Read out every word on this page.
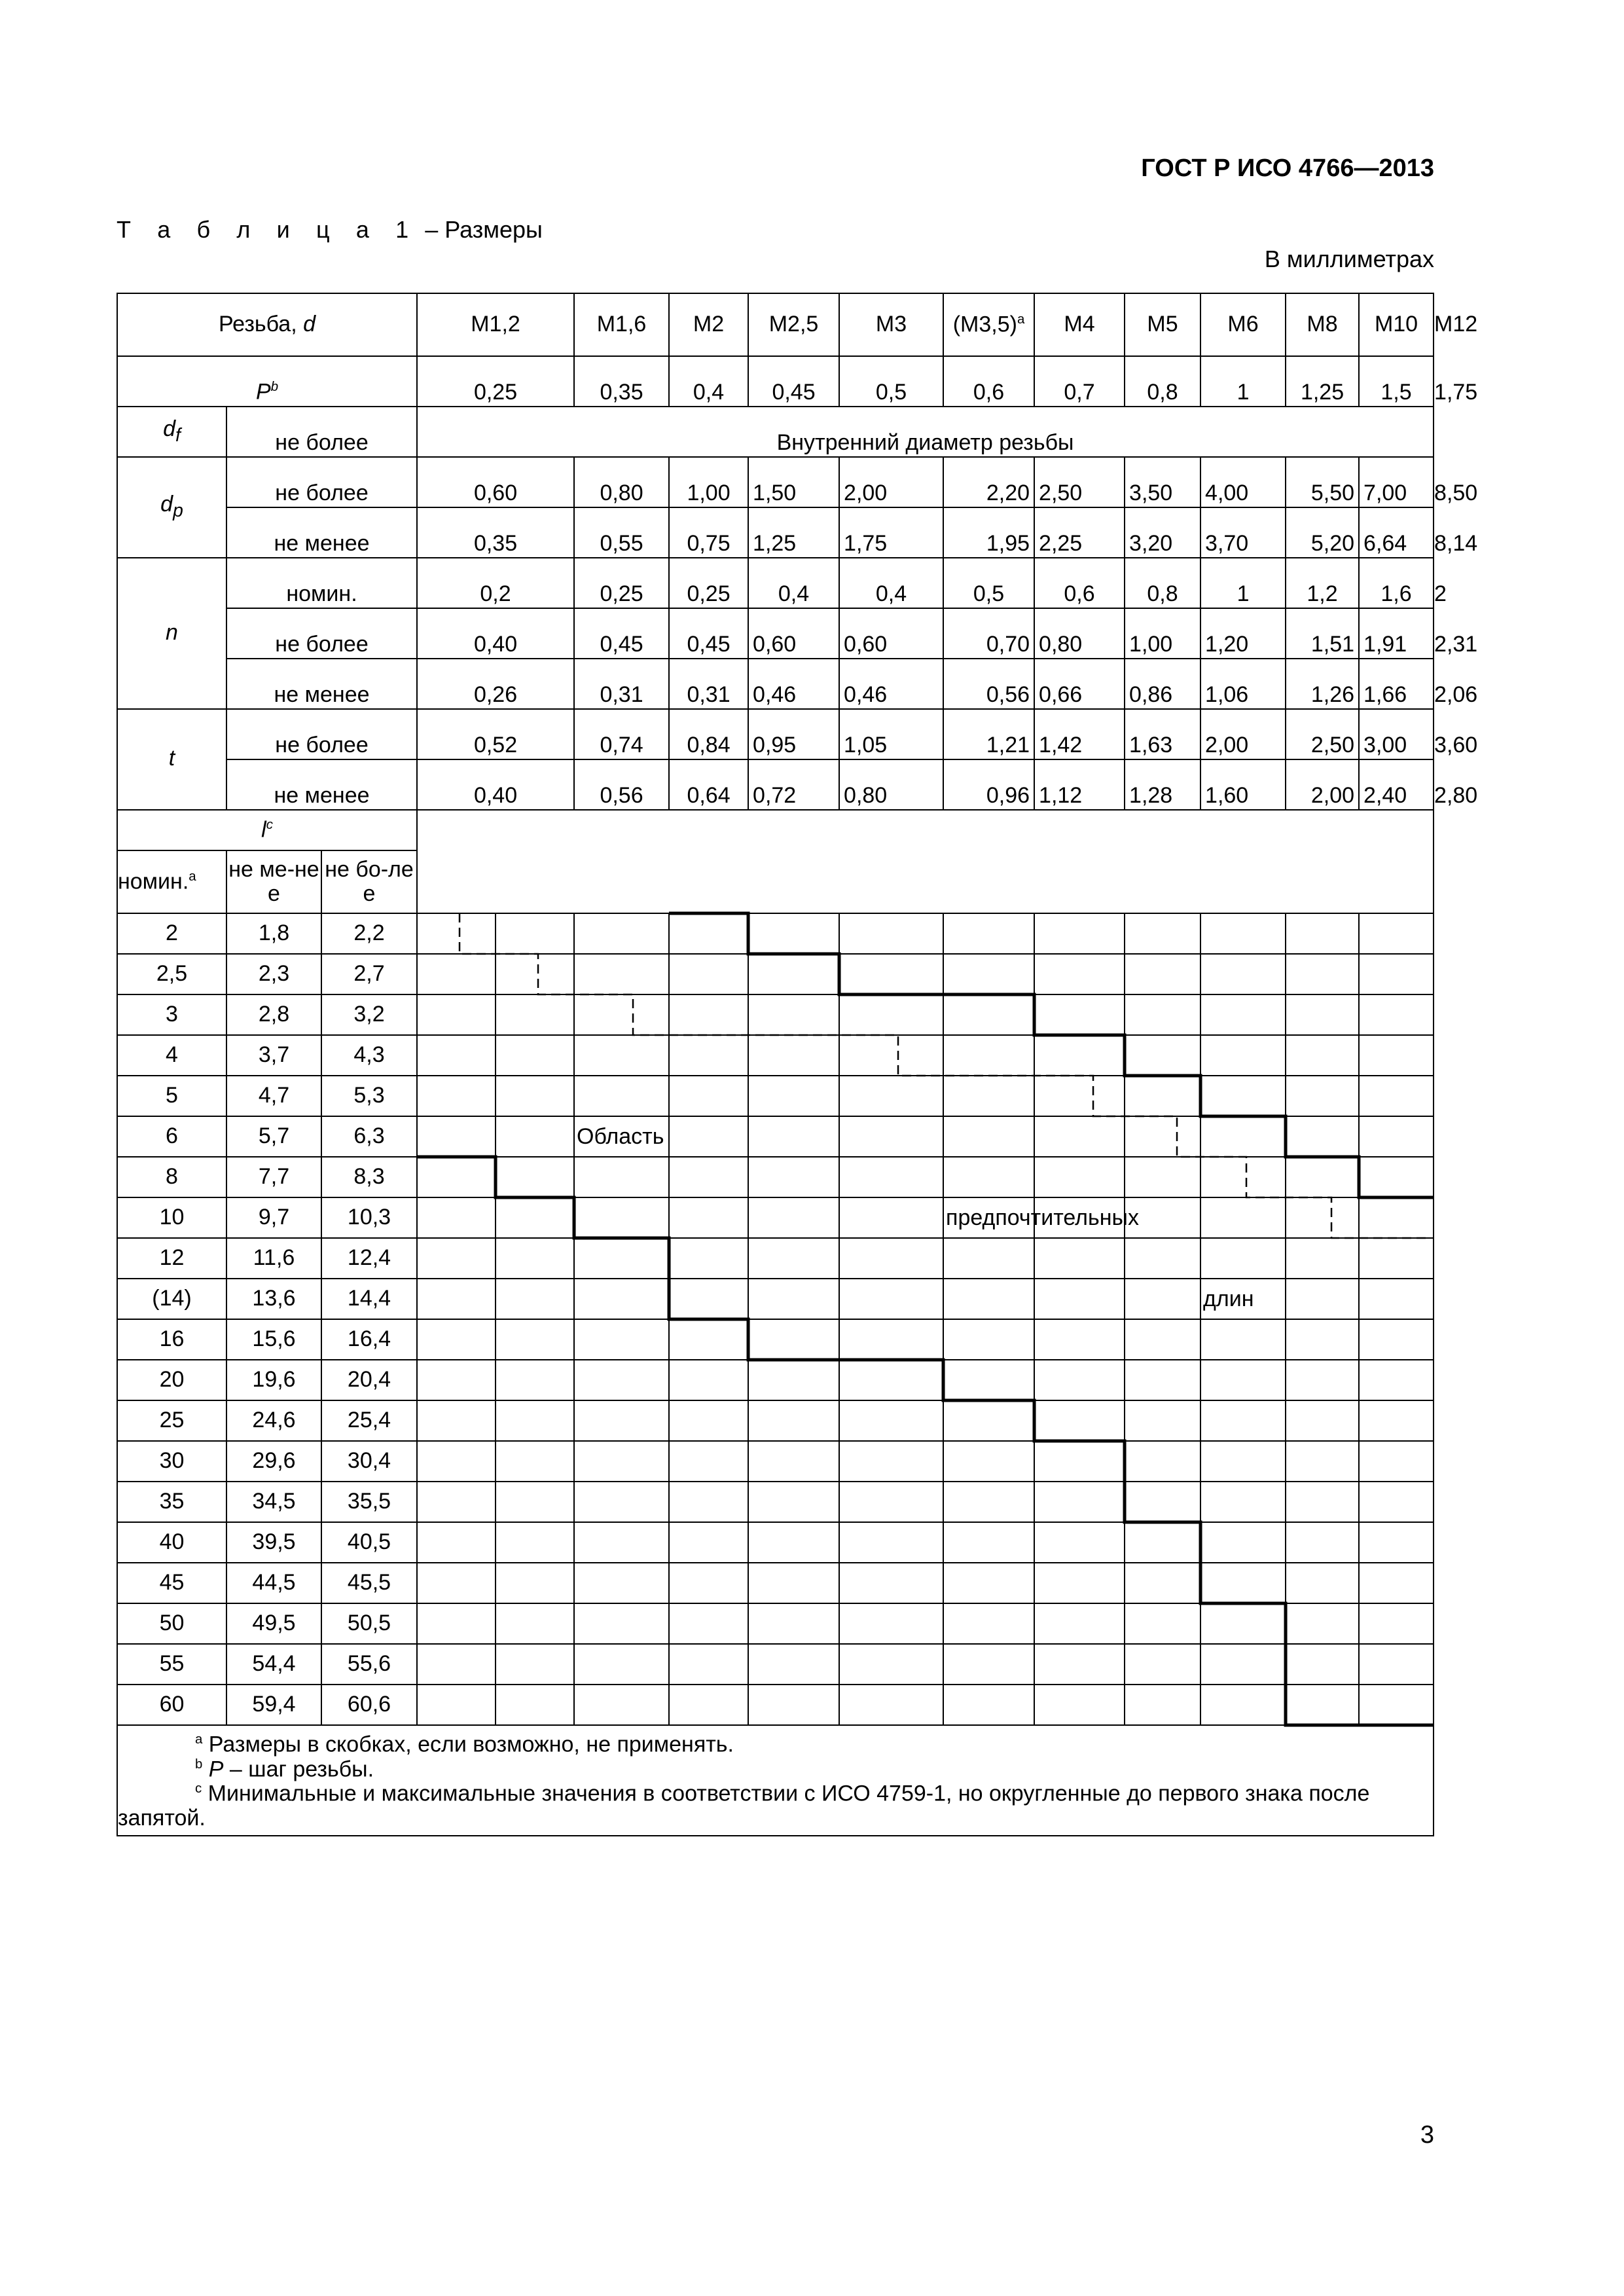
ГОСТ Р ИСО 4766—2013
Т а б л и ц а 1 – Размеры
В миллиметрах
Резьба, d			M1,2		M1,6	M2	M2,5	M3	$(M3,5)^a$	M4	M5	M6	M8	M10	M12
$P^b$			0,25		0,35	0,4	0,45	0,5	0,6	0,7	0,8	1	1,25	1,5	1,75
$d_f$	не более		Внутренний диаметр резьбы												
$d_p$	не более		0,60		0,80	1,00	1,50	2,00	2,20	2,50	3,50	4,00	5,50	7,00	8,50
	не менее		0,35		0,55	0,75	1,25	1,75	1,95	2,25	3,20	3,70	5,20	6,64	8,14
n	номин.		0,2		0,25	0,25	0,4	0,4	0,5	0,6	0,8	1	1,2	1,6	2
	не более		0,40		0,45	0,45	0,60	0,60	0,70	0,80	1,00	1,20	1,51	1,91	2,31
	не менее		0,26		0,31	0,31	0,46	0,46	0,56	0,66	0,86	1,06	1,26	1,66	2,06
t	не более		0,52		0,74	0,84	0,95	1,05	1,21	1,42	1,63	2,00	2,50	3,00	3,60
	не менее		0,40		0,56	0,64	0,72	0,80	0,96	1,12	1,28	1,60	2,00	2,40	2,80
$l^c$	
номин.$^a$	не ме-нее	не бо-лее													
2	1,8	2,2													
2,5	2,3	2,7													
3	2,8	3,2													
4	3,7	4,3													
5	4,7	5,3													
6	5,7	6,3													
8	7,7	8,3													
10	9,7	10,3													
12	11,6	12,4													
(14)	13,6	14,4													
16	15,6	16,4													
20	19,6	20,4													
25	24,6	25,4													
30	29,6	30,4													
35	34,5	35,5													
40	39,5	40,5													
45	44,5	45,5													
50	49,5	50,5													
55	54,4	55,6													
60	59,4	60,6													

$^a$ Размеры в скобках, если возможно, не применять.
$^b$ P – шаг резьбы.
$^c$ Минимальные и максимальные значения в соответствии с ИСО 4759-1, но округленные до первого знака после запятой.															
3
Область
предпочтительных
длин
